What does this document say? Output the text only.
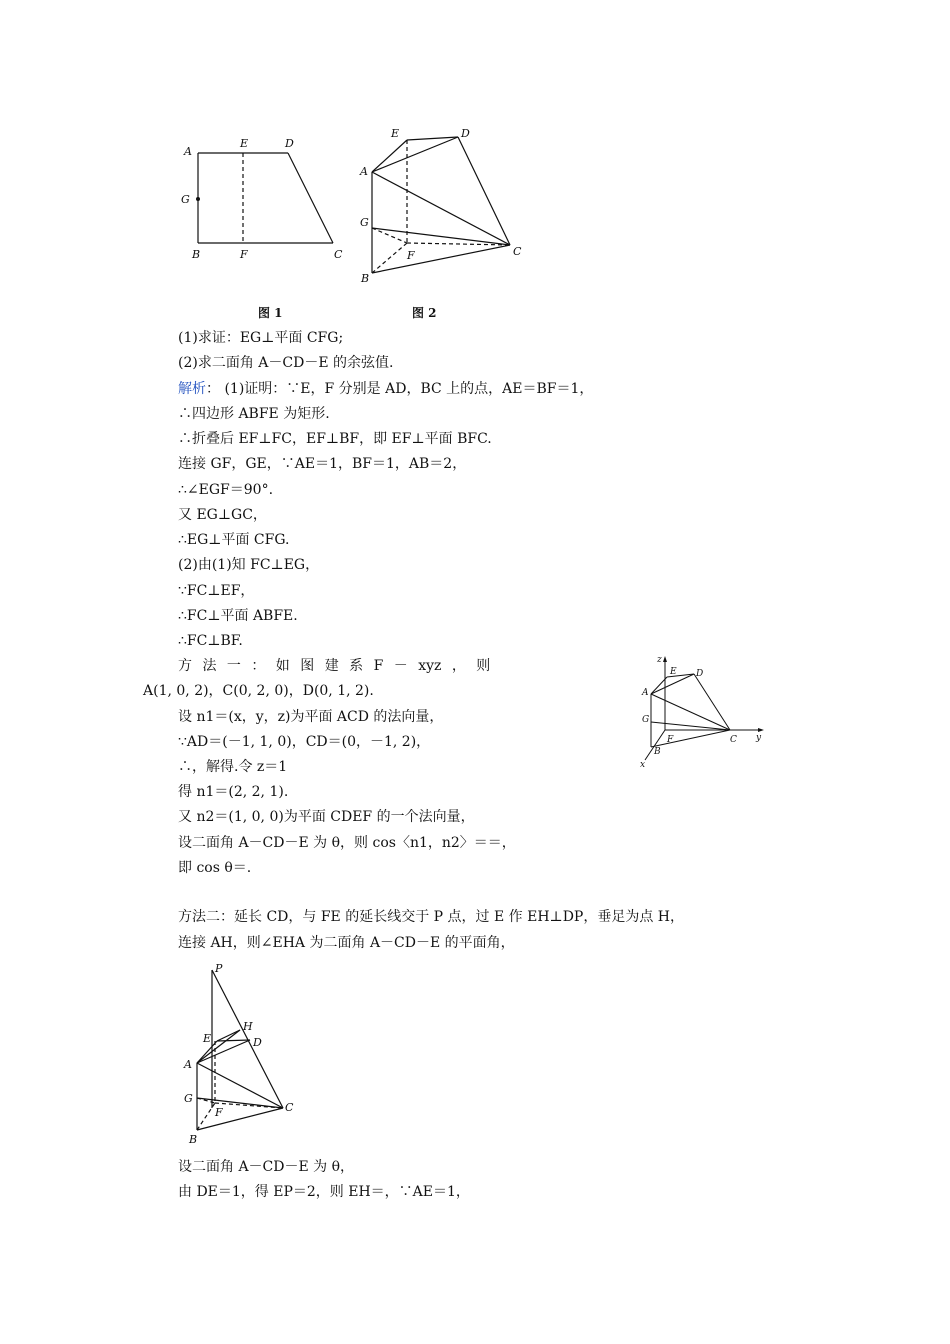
A
E	D
G
B	F	C
图 1
E	D
A
G
F	C
B
图 2
(1)求证：EG⊥平面 CFG;
(2)求二面角 A－CD－E 的余弦值.
解析： (1)证明：∵E，F 分别是 AD，BC 上的点，AE＝BF＝1，
∴四边形 ABFE 为矩形.
∴折叠后 EF⊥FC，EF⊥BF，即 EF⊥平面 BFC.
连接 GF，GE，∵AE＝1，BF＝1，AB＝2，
∴∠EGF＝90°.
又 EG⊥GC，
∴EG⊥平面 CFG.
(2)由(1)知 FC⊥EG，
∵FC⊥EF，
∴FC⊥平面 ABFE.
∴FC⊥BF.
方 法 一 ： 如 图 建 系 F － xyz ， 则
A(1, 0, 2)，C(0, 2, 0)，D(0, 1, 2).
设 n1＝(x，y，z)为平面 ACD 的法向量，
∵AD＝(－1, 1, 0)，CD＝(0，－1, 2)，
∴，解得.令 z＝1
得 n1＝(2, 2, 1).
又 n2＝(1, 0, 0)为平面 CDEF 的一个法向量，
设二面角 A－CD－E 为 θ，则 cos〈n1，n2〉＝＝，
即 cos θ＝.
z
E D
A
G
F	C y
B
x
方法二：延长 CD，与 FE 的延长线交于 P 点，过 E 作 EH⊥DP，垂足为点 H，
连接 AH，则∠EHA 为二面角 A－CD－E 的平面角，
P
H
E	D
A
G
F	C
B
设二面角 A－CD－E 为 θ，
由 DE＝1，得 EP＝2，则 EH＝，∵AE＝1，
